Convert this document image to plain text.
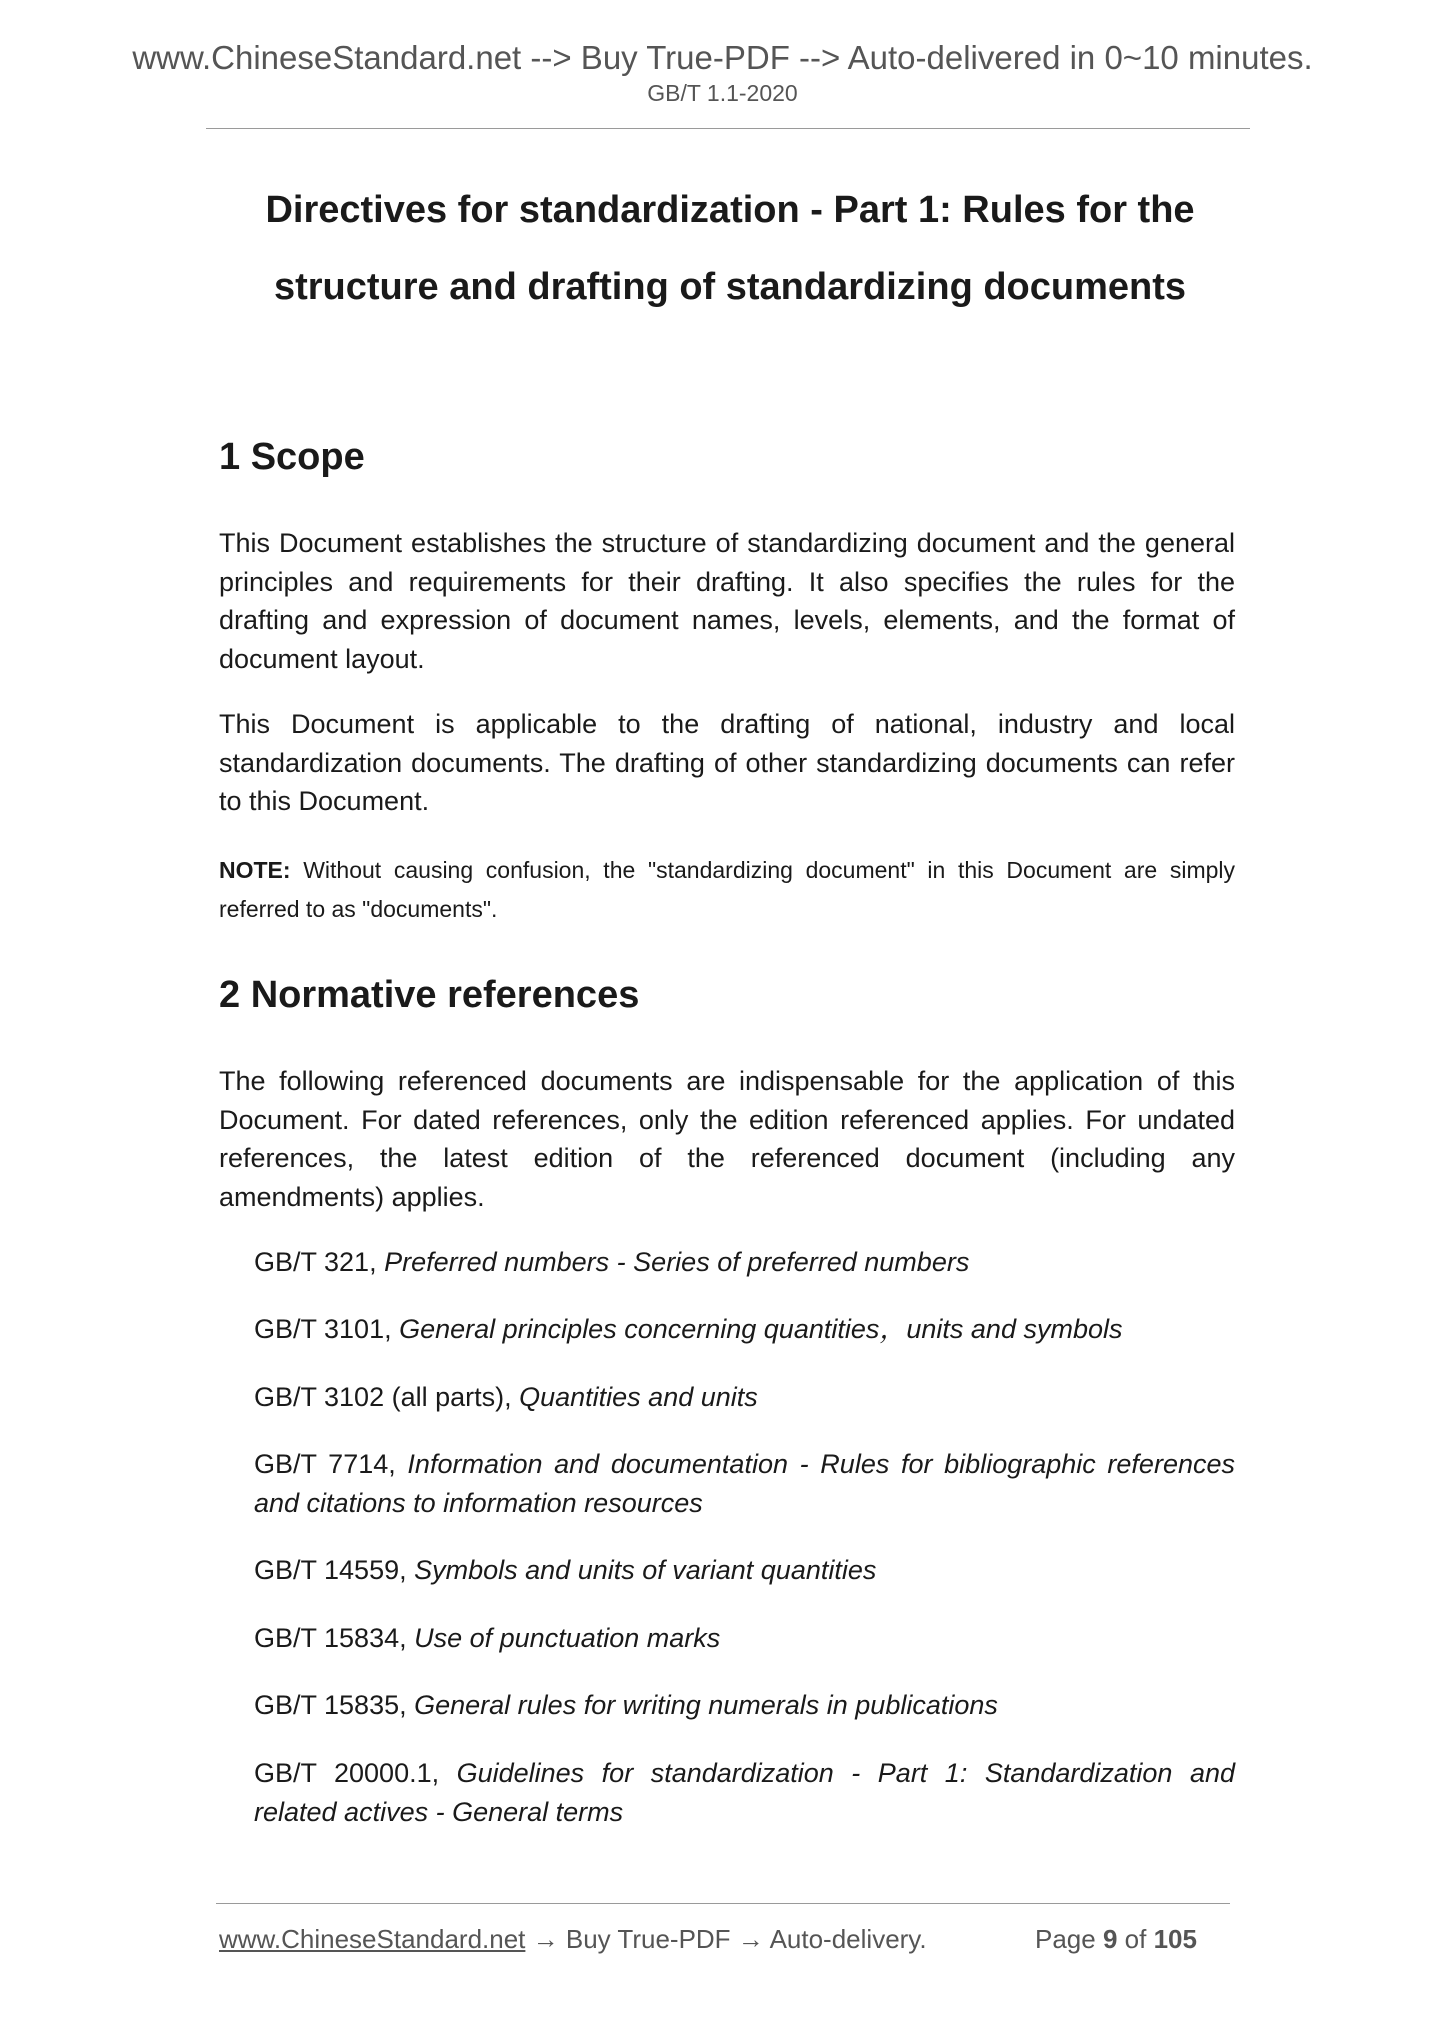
www.ChineseStandard.net --> Buy True-PDF --> Auto-delivered in 0~10 minutes.
GB/T 1.1-2020
Directives for standardization - Part 1: Rules for the
structure and drafting of standardizing documents
1 Scope
This Document establishes the structure of standardizing document and the general principles and requirements for their drafting. It also specifies the rules for the drafting and expression of document names, levels, elements, and the format of document layout.
This Document is applicable to the drafting of national, industry and local standardization documents. The drafting of other standardizing documents can refer to this Document.
NOTE: Without causing confusion, the "standardizing document" in this Document are simply referred to as "documents".
2 Normative references
The following referenced documents are indispensable for the application of this Document. For dated references, only the edition referenced applies. For undated references, the latest edition of the referenced document (including any amendments) applies.
GB/T 321, Preferred numbers - Series of preferred numbers
GB/T 3101, General principles concerning quantities，units and symbols
GB/T 3102 (all parts), Quantities and units
GB/T 7714, Information and documentation - Rules for bibliographic references and citations to information resources
GB/T 14559, Symbols and units of variant quantities
GB/T 15834, Use of punctuation marks
GB/T 15835, General rules for writing numerals in publications
GB/T 20000.1, Guidelines for standardization - Part 1: Standardization and related actives - General terms
www.ChineseStandard.net → Buy True-PDF → Auto-delivery.	Page 9 of 105
